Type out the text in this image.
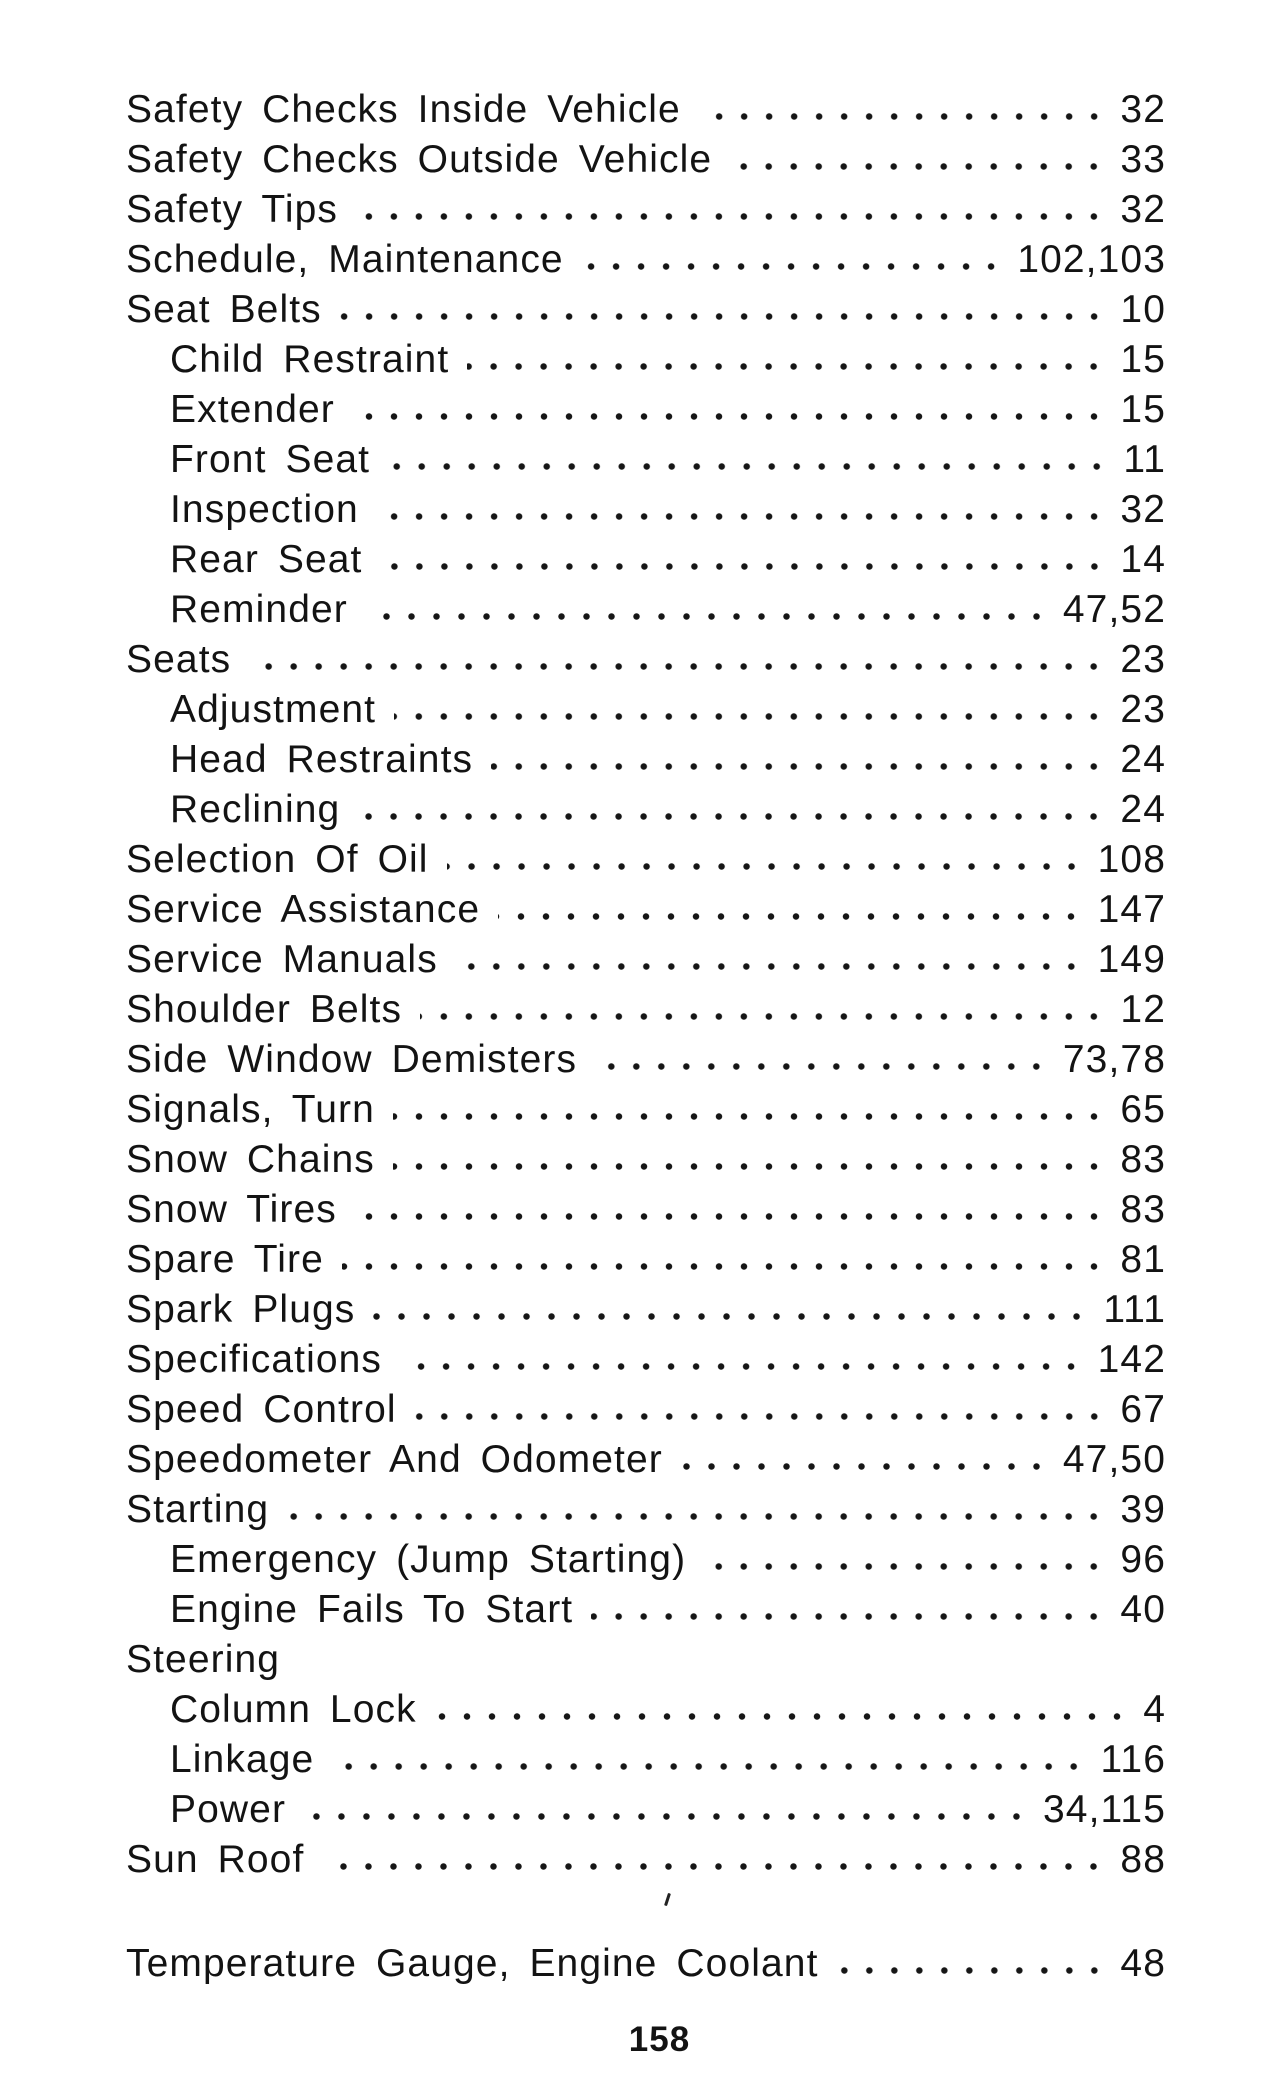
Safety Checks Inside Vehicle	32
Safety Checks Outside Vehicle	33
Safety Tips	32
Schedule, Maintenance	102,103
Seat Belts	10
Child Restraint	15
Extender	15
Front Seat	11
Inspection	32
Rear Seat	14
Reminder	47,52
Seats	23
Adjustment	23
Head Restraints	24
Reclining	24
Selection Of Oil	108
Service Assistance	147
Service Manuals	149
Shoulder Belts	12
Side Window Demisters	73,78
Signals, Turn	65
Snow Chains	83
Snow Tires	83
Spare Tire	81
Spark Plugs	111
Specifications	142
Speed Control	67
Speedometer And Odometer	47,50
Starting	39
Emergency (Jump Starting)	96
Engine Fails To Start	40
Steering
Column Lock	4
Linkage	116
Power	34,115
Sun Roof	88
Temperature Gauge, Engine Coolant	48
158
